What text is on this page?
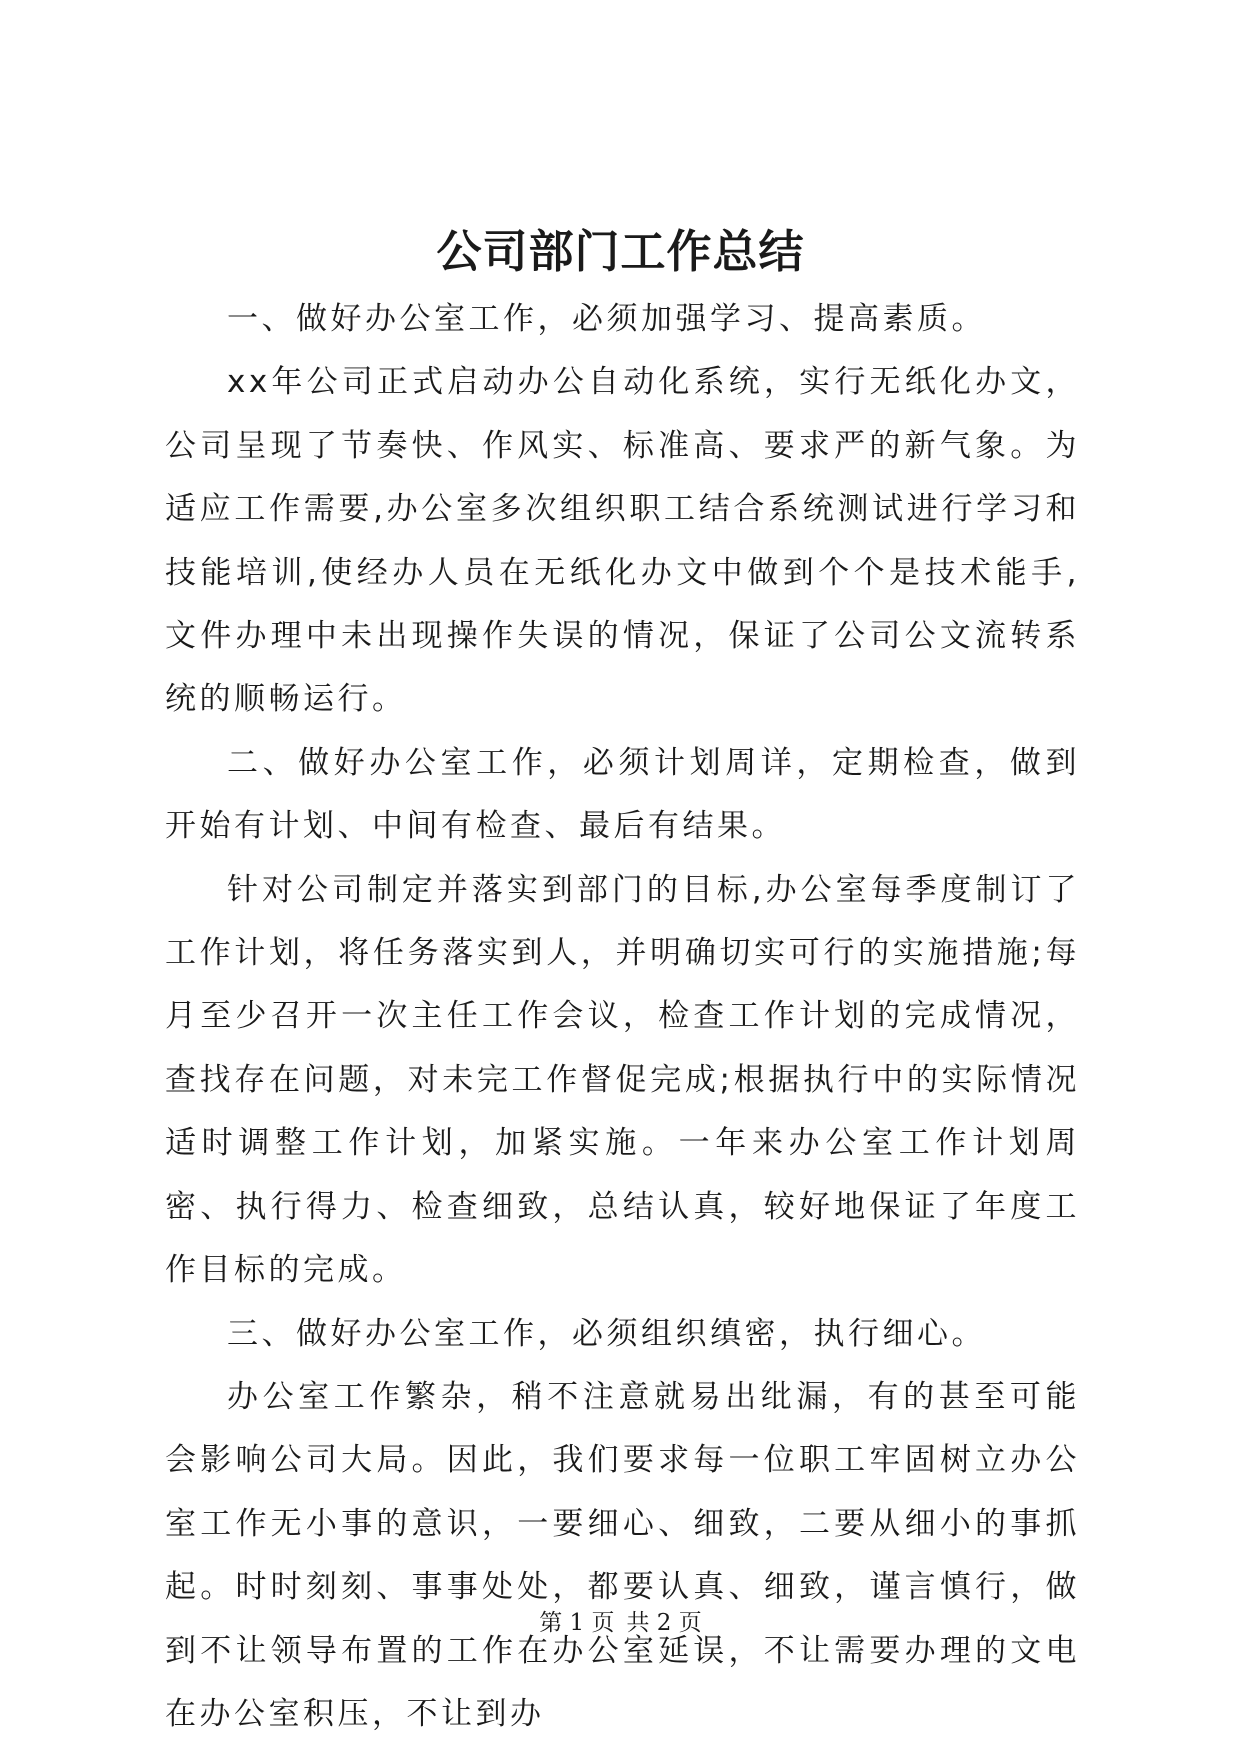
公司部门工作总结

一、做好办公室工作，必须加强学习、提高素质。

xx年公司正式启动办公自动化系统，实行无纸化办文，公司呈现了节奏快、作风实、标准高、要求严的新气象。为适应工作需要,办公室多次组织职工结合系统测试进行学习和技能培训,使经办人员在无纸化办文中做到个个是技术能手,文件办理中未出现操作失误的情况，保证了公司公文流转系统的顺畅运行。

二、做好办公室工作，必须计划周详，定期检查，做到开始有计划、中间有检查、最后有结果。

针对公司制定并落实到部门的目标,办公室每季度制订了工作计划，将任务落实到人，并明确切实可行的实施措施;每月至少召开一次主任工作会议，检查工作计划的完成情况，查找存在问题，对未完工作督促完成;根据执行中的实际情况适时调整工作计划，加紧实施。一年来办公室工作计划周密、执行得力、检查细致，总结认真，较好地保证了年度工作目标的完成。

三、做好办公室工作，必须组织缜密，执行细心。

办公室工作繁杂，稍不注意就易出纰漏，有的甚至可能会影响公司大局。因此，我们要求每一位职工牢固树立办公室工作无小事的意识，一要细心、细致，二要从细小的事抓起。时时刻刻、事事处处，都要认真、细致，谨言慎行，做到不让领导布置的工作在办公室延误，不让需要办理的文电在办公室积压，不让到办

第 1 页 共 2 页
